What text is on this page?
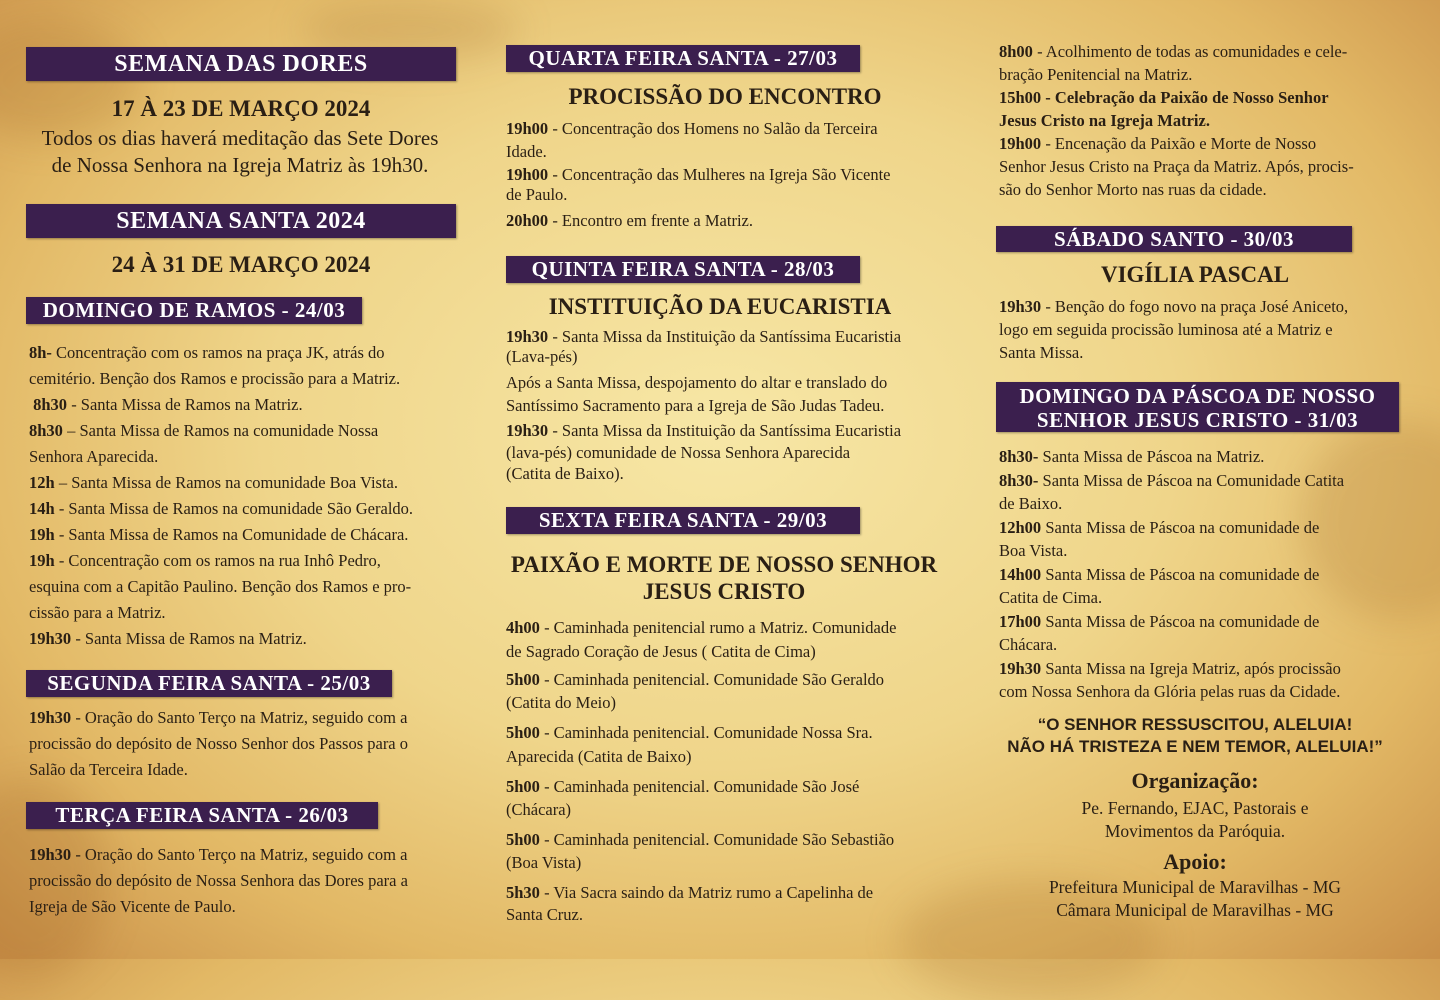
SEMANA DAS DORES
17 À 23 DE MARÇO 2024

Todos os dias haverá meditação das Sete Dores

de Nossa Senhora na Igreja Matriz às 19h30.

SEMANA SANTA 2024
24 À 31 DE MARÇO 2024
DOMINGO DE RAMOS - 24/03

8h- Concentração com os ramos na praça JK, atrás do

cemitério. Benção dos Ramos e procissão para a Matriz.

8h30 - Santa Missa de Ramos na Matriz.

8h30 – Santa Missa de Ramos na comunidade Nossa

Senhora Aparecida.

12h – Santa Missa de Ramos na comunidade Boa Vista.

14h - Santa Missa de Ramos na comunidade São Geraldo.

19h - Santa Missa de Ramos na Comunidade de Chácara.

19h - Concentração com os ramos na rua Inhô Pedro,

esquina com a Capitão Paulino. Benção dos Ramos e pro-

cissão para a Matriz.

19h30 - Santa Missa de Ramos na Matriz.

SEGUNDA FEIRA SANTA - 25/03

19h30 - Oração do Santo Terço na Matriz, seguido com a

procissão do depósito de Nosso Senhor dos Passos para o

Salão da Terceira Idade.

TERÇA FEIRA SANTA - 26/03

19h30 - Oração do Santo Terço na Matriz, seguido com a

procissão do depósito de Nossa Senhora das Dores para a

Igreja de São Vicente de Paulo.

QUARTA FEIRA SANTA - 27/03
PROCISSÃO DO ENCONTRO

19h00 - Concentração dos Homens no Salão da Terceira

Idade.

19h00 - Concentração das Mulheres na Igreja São Vicente

de Paulo.

20h00 - Encontro em frente a Matriz.

QUINTA FEIRA SANTA - 28/03
INSTITUIÇÃO DA EUCARISTIA

19h30 - Santa Missa da Instituição da Santíssima Eucaristia

(Lava-pés)

Após a Santa Missa, despojamento do altar e translado do

Santíssimo Sacramento para a Igreja de São Judas Tadeu.

19h30 - Santa Missa da Instituição da Santíssima Eucaristia

(lava-pés) comunidade de Nossa Senhora Aparecida

(Catita de Baixo).

SEXTA FEIRA SANTA - 29/03
PAIXÃO E MORTE DE NOSSO SENHOR
JESUS CRISTO

4h00 - Caminhada penitencial rumo a Matriz. Comunidade

de Sagrado Coração de Jesus ( Catita de Cima)

5h00 - Caminhada penitencial. Comunidade São Geraldo

(Catita do Meio)

5h00 - Caminhada penitencial. Comunidade Nossa Sra.

Aparecida (Catita de Baixo)

5h00 - Caminhada penitencial. Comunidade São José

(Chácara)

5h00 - Caminhada penitencial. Comunidade São Sebastião

(Boa Vista)

5h30 - Via Sacra saindo da Matriz rumo a Capelinha de

Santa Cruz.

8h00 - Acolhimento de todas as comunidades e cele-

bração Penitencial na Matriz.

15h00 - Celebração da Paixão de Nosso Senhor

Jesus Cristo na Igreja Matriz.

19h00 - Encenação da Paixão e Morte de Nosso

Senhor Jesus Cristo na Praça da Matriz. Após, procis-

são do Senhor Morto nas ruas da cidade.

SÁBADO SANTO - 30/03
VIGÍLIA PASCAL

19h30 - Benção do fogo novo na praça José Aniceto,

logo em seguida procissão luminosa até a Matriz e

Santa Missa.

DOMINGO DA PÁSCOA DE NOSSO
SENHOR JESUS CRISTO - 31/03

8h30- Santa Missa de Páscoa na Matriz.

8h30- Santa Missa de Páscoa na Comunidade Catita

de Baixo.

12h00 Santa Missa de Páscoa na comunidade de

Boa Vista.

14h00 Santa Missa de Páscoa na comunidade de

Catita de Cima.

17h00 Santa Missa de Páscoa na comunidade de

Chácara.

19h30 Santa Missa na Igreja Matriz, após procissão

com Nossa Senhora da Glória pelas ruas da Cidade.

“O SENHOR RESSUSCITOU, ALELUIA!
NÃO HÁ TRISTEZA E NEM TEMOR, ALELUIA!”
Organização:

Pe. Fernando, EJAC, Pastorais e

Movimentos da Paróquia.

Apoio:

Prefeitura Municipal de Maravilhas - MG

Câmara Municipal de Maravilhas - MG
